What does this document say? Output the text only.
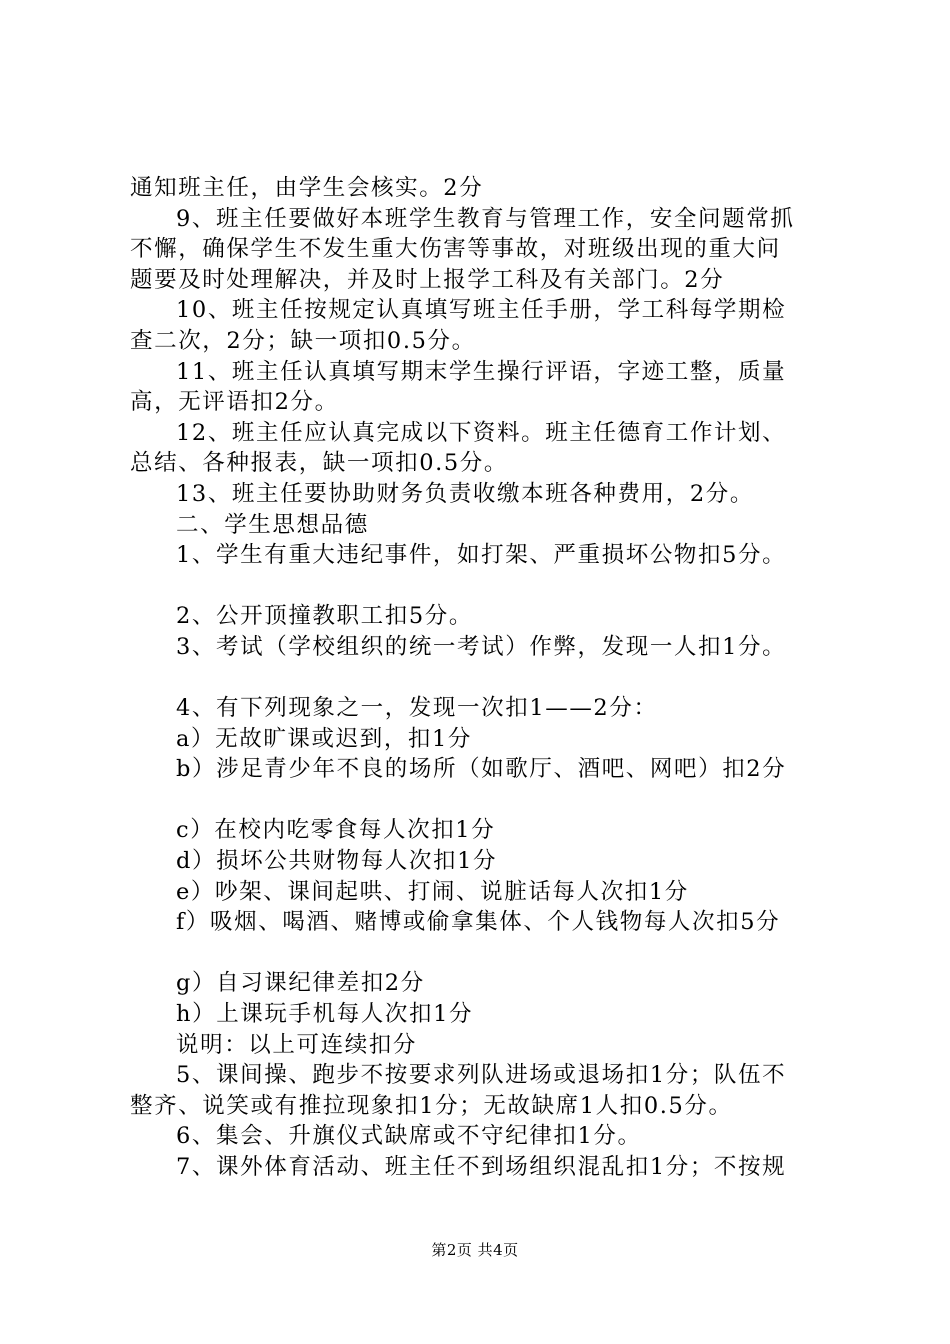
通知班主任，由学生会核实。2分
9、班主任要做好本班学生教育与管理工作，安全问题常抓
不懈，确保学生不发生重大伤害等事故，对班级出现的重大问
题要及时处理解决，并及时上报学工科及有关部门。2分
10、班主任按规定认真填写班主任手册，学工科每学期检
查二次，2分；缺一项扣0.5分。
11、班主任认真填写期末学生操行评语，字迹工整，质量
高，无评语扣2分。
12、班主任应认真完成以下资料。班主任德育工作计划、
总结、各种报表，缺一项扣0.5分。
13、班主任要协助财务负责收缴本班各种费用，2分。
二、学生思想品德
1、学生有重大违纪事件，如打架、严重损坏公物扣5分。
2、公开顶撞教职工扣5分。
3、考试（学校组织的统一考试）作弊，发现一人扣1分。
4、有下列现象之一，发现一次扣1——2分：
a）无故旷课或迟到，扣1分
b）涉足青少年不良的场所（如歌厅、酒吧、网吧）扣2分
c）在校内吃零食每人次扣1分
d）损坏公共财物每人次扣1分
e）吵架、课间起哄、打闹、说脏话每人次扣1分
f）吸烟、喝酒、赌博或偷拿集体、个人钱物每人次扣5分
g）自习课纪律差扣2分
h）上课玩手机每人次扣1分
说明：以上可连续扣分
5、课间操、跑步不按要求列队进场或退场扣1分；队伍不
整齐、说笑或有推拉现象扣1分；无故缺席1人扣0.5分。
6、集会、升旗仪式缺席或不守纪律扣1分。
7、课外体育活动、班主任不到场组织混乱扣1分；不按规
第2页 共4页
